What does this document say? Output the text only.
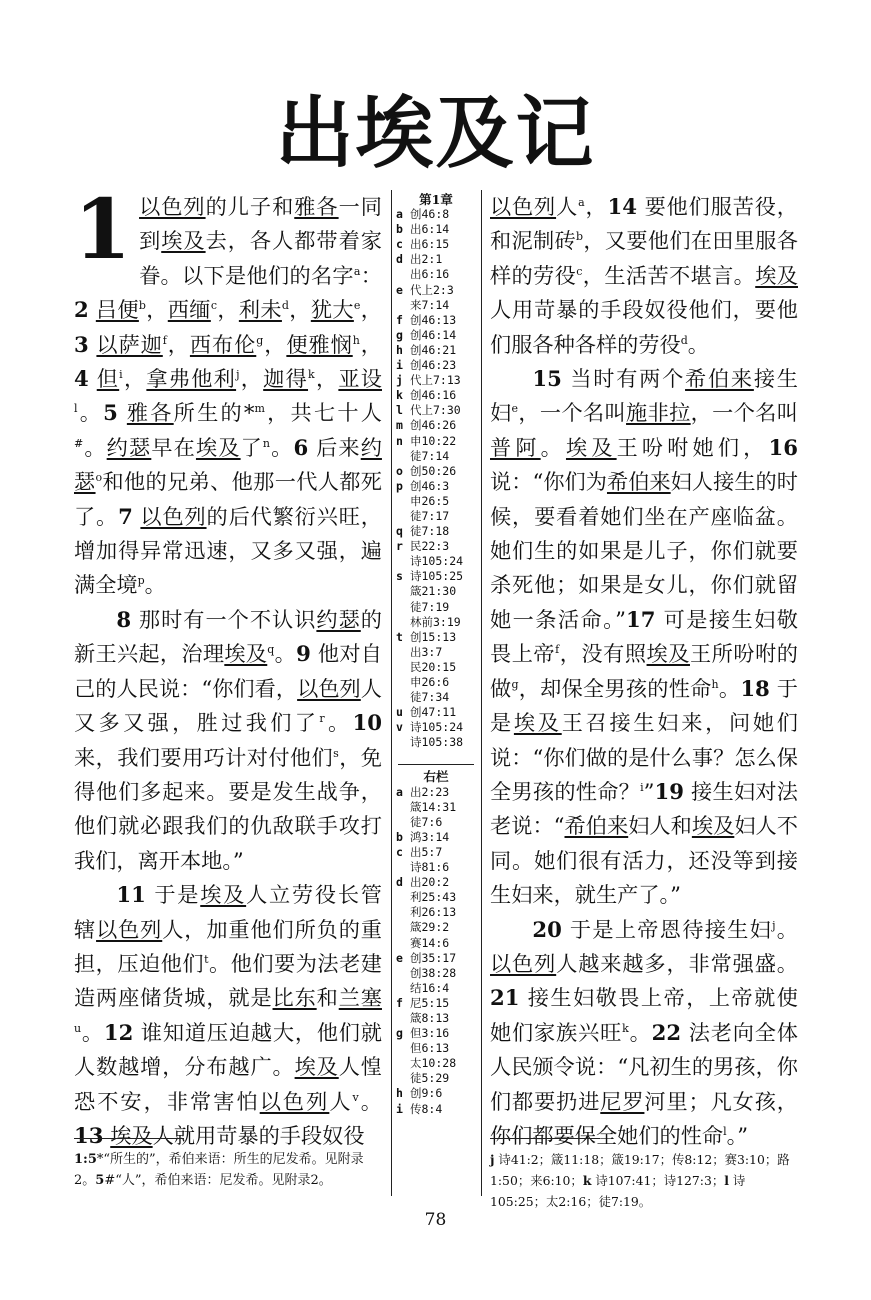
出埃及记

1 以色列的儿子和雅各一同到埃及去，各人都带着家眷。以下是他们的名字$^a$：2 吕便$^b$，西缅$^c$，利未$^d$，犹大$^e$，3 以萨迦$^f$，西布伦$^g$，便雅悯$^h$，4 但$^i$，拿弗他利$^j$，迦得$^k$，亚设$^l$。5 雅各所生的*$^m$，共七十人#。约瑟早在埃及了$^n$。6 后来约瑟$^o$和他的兄弟、他那一代人都死了。7 以色列的后代繁衍兴旺，增加得异常迅速，又多又强，遍满全境$^p$。

8 那时有一个不认识约瑟的新王兴起，治理埃及$^q$。9 他对自己的人民说：“你们看，以色列人又多又强，胜过我们了$^r$。10 来，我们要用巧计对付他们$^s$，免得他们多起来。要是发生战争，他们就必跟我们的仇敌联手攻打我们，离开本地。”

11 于是埃及人立劳役长管辖以色列人，加重他们所负的重担，压迫他们$^t$。他们要为法老建造两座储货城，就是比东和兰塞$^u$。12 谁知道压迫越大，他们就人数越增，分布越广。埃及人惶恐不安，非常害怕以色列人$^v$。13 埃及人就用苛暴的手段奴役

第1章
a 创46:8
b 出6:14
c 出6:15
d 出2:1
出6:16
e 代上2:3
来7:14
f 创46:13
g 创46:14
h 创46:21
i 创46:23
j 代上7:13
k 创46:16
l 代上7:30
m 创46:26
n 申10:22
徒7:14
o 创50:26
p 创46:3
申26:5
徒7:17
q 徒7:18
r 民22:3
诗105:24
s 诗105:25
箴21:30
徒7:19
林前3:19
t 创15:13
出3:7
民20:15
申26:6
徒7:34
u 创47:11
v 诗105:24
诗105:38
右栏
a 出2:23
箴14:31
徒7:6
b 鸿3:14
c 出5:7
诗81:6
d 出20:2
利25:43
利26:13
箴29:2
赛14:6
e 创35:17
创38:28
结16:4
f 尼5:15
箴8:13
g 但3:16
但6:13
太10:28
徒5:29
h 创9:6
i 传8:4

以色列人$^a$，14 要他们服苦役，和泥制砖$^b$，又要他们在田里服各样的劳役$^c$，生活苦不堪言。埃及人用苛暴的手段奴役他们，要他们服各种各样的劳役$^d$。

15 当时有两个希伯来接生妇$^e$，一个名叫施非拉，一个名叫普阿。埃及王吩咐她们，16 说：“你们为希伯来妇人接生的时候，要看着她们坐在产座临盆。她们生的如果是儿子，你们就要杀死他；如果是女儿，你们就留她一条活命。”17 可是接生妇敬畏上帝$^f$，没有照埃及王所吩咐的做$^g$，却保全男孩的性命$^h$。18 于是埃及王召接生妇来，问她们说：“你们做的是什么事？怎么保全男孩的性命？$^i$”19 接生妇对法老说：“希伯来妇人和埃及妇人不同。她们很有活力，还没等到接生妇来，就生产了。”

20 于是上帝恩待接生妇$^j$。以色列人越来越多，非常强盛。21 接生妇敬畏上帝，上帝就使她们家族兴旺$^k$。22 法老向全体人民颁令说：“凡初生的男孩，你们都要扔进尼罗河里；凡女孩，你们都要保全她们的性命$^l$。”

1:5*“所生的”，希伯来语：所生的尼发希。见附录2。5#“人”，希伯来语：尼发希。见附录2。
j 诗41:2；箴11:18；箴19:17；传8:12；赛3:10；路1:50；来6:10；k 诗107:41；诗127:3；l 诗105:25；太2:16；徒7:19。
78
